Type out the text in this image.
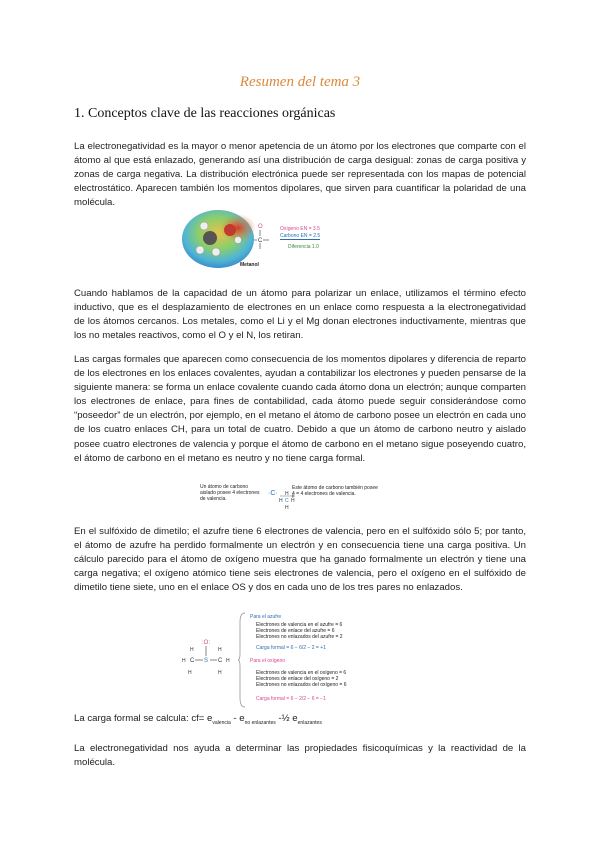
Resumen del tema 3
1. Conceptos clave de las reacciones orgánicas

La electronegatividad es la mayor o menor apetencia de un átomo por los electrones que comparte con el átomo al que está enlazado, generando así una distribución de carga desigual: zonas de carga positiva y zonas de carga negativa. La distribución electrónica puede ser representada con los mapas de potencial electrostático. Aparecen también los momentos dipolares, que sirven para cuantificar la polaridad de una molécula.

Metanol
O
C
Oxígeno EN = 3.5
Carbono EN = 2.5
Diferencia 1.0

Cuando hablamos de la capacidad de un átomo para polarizar un enlace, utilizamos el término efecto inductivo, que es el desplazamiento de electrones en un enlace como respuesta a la electronegatividad de los átomos cercanos. Los metales, como el Li y el Mg donan electrones inductivamente, mientras que los no metales reactivos, como el O y el N, los retiran.

Las cargas formales que aparecen como consecuencia de los momentos dipolares y diferencia de reparto de los electrones en los enlaces covalentes, ayudan a contabilizar los electrones y pueden pensarse de la siguiente manera: se forma un enlace covalente cuando cada átomo dona un electrón; aunque comparten los electrones de enlace, para fines de contabilidad, cada átomo puede seguir considerándose como “poseedor” de un electrón, por ejemplo, en el metano el átomo de carbono posee un electrón en cada uno de los cuatro enlaces CH, para un total de cuatro. Debido a que un átomo de carbono neutro y aislado posee cuatro electrones de valencia y porque el átomo de carbono en el metano sigue poseyendo cuatro, el átomo de carbono en el metano es neutro y no tiene carga formal.

Un átomo de carbono
aislado posee 4 electrones
de valencia.
·C· H
C
H H
H
Este átomo de carbono también posee
4 = 4 electrones de valencia.

En el sulfóxido de dimetilo; el azufre tiene 6 electrones de valencia, pero en el sulfóxido sólo 5; por tanto, el átomo de azufre ha perdido formalmente un electrón y en consecuencia tiene una carga positiva. Un cálculo parecido para el átomo de oxígeno muestra que ha ganado formalmente un electrón y tiene una carga negativa; el oxígeno atómico tiene seis electrones de valencia, pero el oxígeno en el sulfóxido de dimetilo tiene siete, uno en el enlace OS y dos en cada uno de los tres pares no enlazados.

:O:
S
C	C
H	H
H	H
H	H
Para el azufre
Electrones de valencia en el azufre = 6
Electrones de enlace del azufre = 6
Electrones no enlazados del azufre = 2
Carga formal = 6 − 6/2 − 2 = +1
Para el oxígeno
Electrones de valencia en el oxígeno = 6
Electrones de enlace del oxígeno = 2
Electrones no enlazados del oxígeno = 6
Carga formal = 6 − 2/2 − 6 = −1
La carga formal se calcula: $cf= e_{valencia} - e_{no enlazantes}$ -½ $e_{enlazantes}$

La electronegatividad nos ayuda a determinar las propiedades fisicoquímicas y la reactividad de la molécula.
